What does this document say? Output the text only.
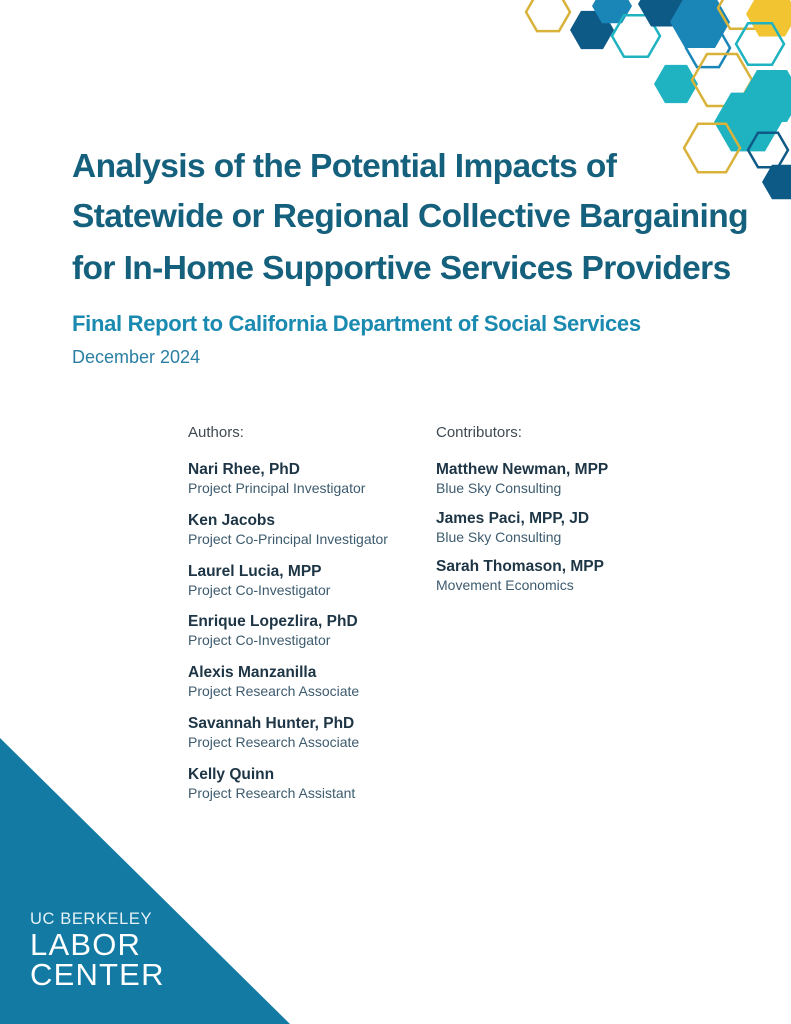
Analysis of the Potential Impacts of
Statewide or Regional Collective Bargaining
for In-Home Supportive Services Providers
Final Report to California Department of Social Services
December 2024
Authors:
Nari Rhee, PhD
Project Principal Investigator
Ken Jacobs
Project Co-Principal Investigator
Laurel Lucia, MPP
Project Co-Investigator
Enrique Lopezlira, PhD
Project Co-Investigator
Alexis Manzanilla
Project Research Associate
Savannah Hunter, PhD
Project Research Associate
Kelly Quinn
Project Research Assistant
Contributors:
Matthew Newman, MPP
Blue Sky Consulting
James Paci, MPP, JD
Blue Sky Consulting
Sarah Thomason, MPP
Movement Economics
UC BERKELEY
LABOR
CENTER
